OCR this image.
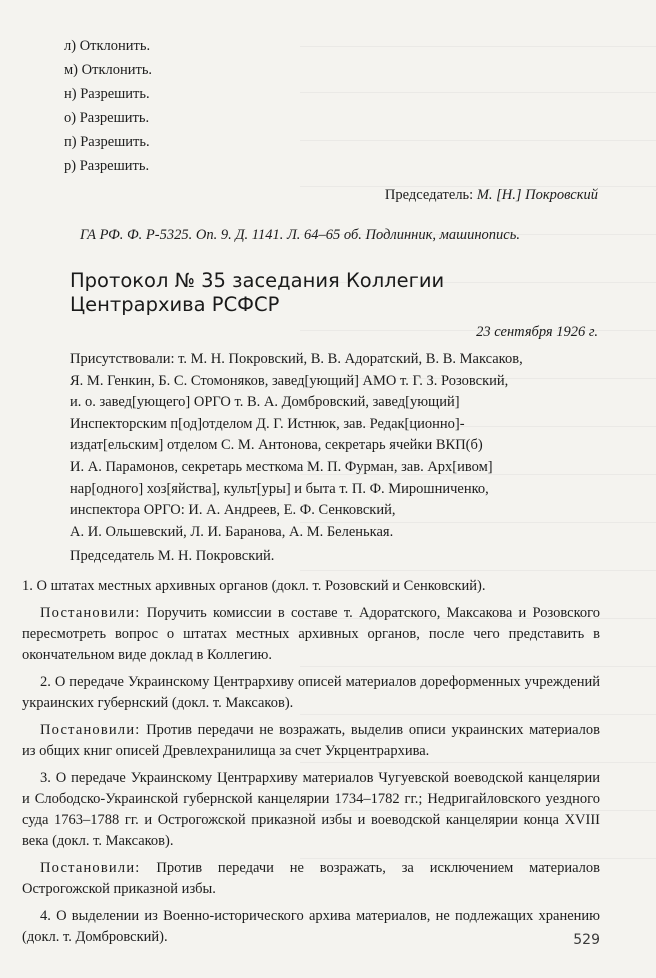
л) Отклонить.
м) Отклонить.
н) Разрешить.
о) Разрешить.
п) Разрешить.
р) Разрешить.
Председатель: М. [Н.] Покровский
ГА РФ. Ф. Р-5325. Оп. 9. Д. 1141. Л. 64–65 об. Подлинник, машинопись.
Протокол № 35 заседания Коллегии
Центрархива РСФСР
23 сентября 1926 г.

Присутствовали: т. М. Н. Покровский, В. В. Адоратский, В. В. Максаков,

Я. М. Генкин, Б. С. Стомоняков, завед[ующий] АМО т. Г. З. Розовский,

и. о. завед[ующего] ОРГО т. В. А. Домбровский, завед[ующий]

Инспекторским п[од]отделом Д. Г. Истнюк, зав. Редак[ционно]-

издат[ельским] отделом С. М. Антонова, секретарь ячейки ВКП(б)

И. А. Парамонов, секретарь месткома М. П. Фурман, зав. Арх[ивом]

нар[одного] хоз[яйства], культ[уры] и быта т. П. Ф. Мирошниченко,

инспектора ОРГО: И. А. Андреев, Е. Ф. Сенковский,

А. И. Ольшевский, Л. И. Баранова, А. М. Беленькая.

Председатель М. Н. Покровский.

1. О штатах местных архивных органов (докл. т. Розовский и Сенковский).

Постановили: Поручить комиссии в составе т. Адоратского, Максакова и Розовского пересмотреть вопрос о штатах местных архивных органов, после чего представить в окончательном виде доклад в Коллегию.

2. О передаче Украинскому Центрархиву описей материалов дореформенных учреждений украинских губернский (докл. т. Максаков).

Постановили: Против передачи не возражать, выделив описи украинских материалов из общих книг описей Древлехранилища за счет Укрцентрархива.

3. О передаче Украинскому Центрархиву материалов Чугуевской воеводской канцелярии и Слободско-Украинской губернской канцелярии 1734–1782 гг.; Недригайловского уездного суда 1763–1788 гг. и Острогожской приказной избы и воеводской канцелярии конца XVIII века (докл. т. Максаков).

Постановили: Против передачи не возражать, за исключением материалов Острогожской приказной избы.

4. О выделении из Военно-исторического архива материалов, не подлежащих хранению (докл. т. Домбровский).	529
